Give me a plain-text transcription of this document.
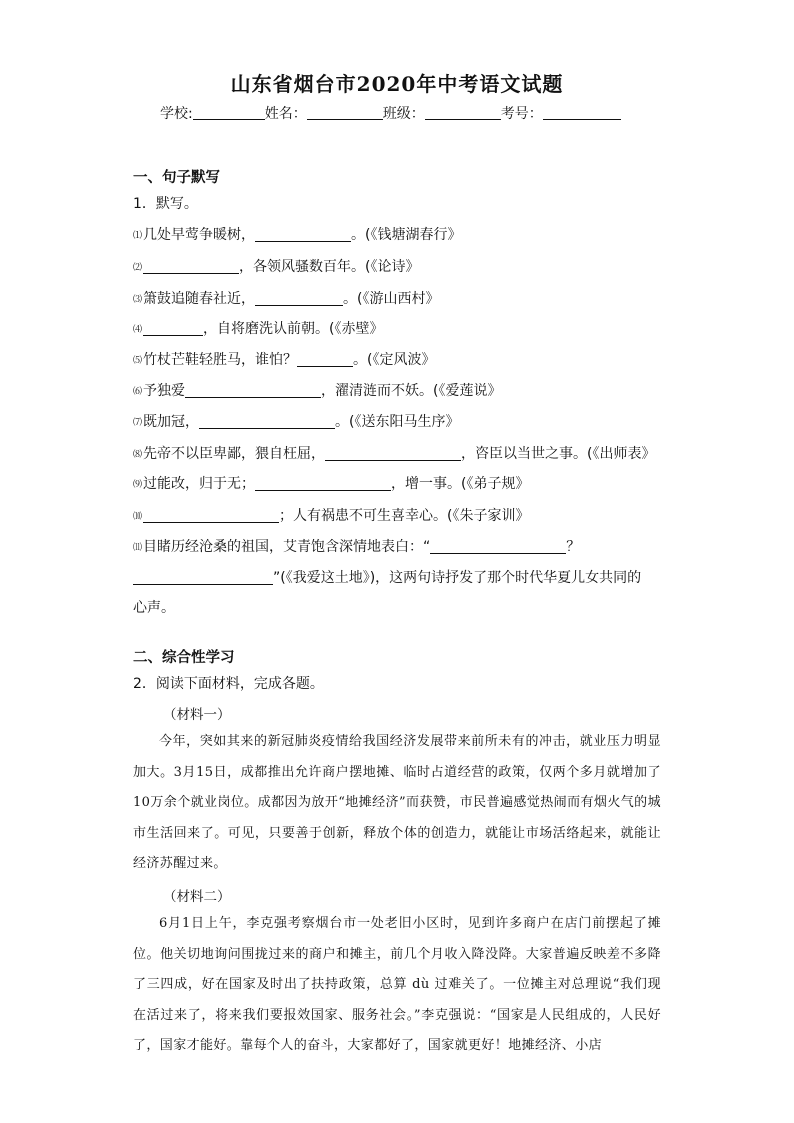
山东省烟台市2020年中考语文试题
学校:	姓名：	班级：	考号：
一、句子默写
1．默写。
⑴几处早莺争暖树，	。(《钱塘湖春行》
⑵	，各领风骚数百年。(《论诗》
⑶箫鼓追随春社近，	。(《游山西村》
⑷	，自将磨洗认前朝。(《赤壁》
⑸竹杖芒鞋轻胜马，谁怕？	。(《定风波》
⑹予独爱	，濯清涟而不妖。(《爱莲说》
⑺既加冠，	。(《送东阳马生序》
⑻先帝不以臣卑鄙，猥自枉屈，	，咨臣以当世之事。(《出师表》
⑼过能改，归于无；	，增一事。(《弟子规》
⑽	；人有祸患不可生喜幸心。(《朱子家训》
⑾目睹历经沧桑的祖国，艾青饱含深情地表白：“	？
”(《我爱这土地》)，这两句诗抒发了那个时代华夏儿女共同的
心声。
二、综合性学习
2．阅读下面材料，完成各题。
（材料一）
今年，突如其来的新冠肺炎疫情给我国经济发展带来前所未有的冲击，就业压力明显加大。3月15日，成都推出允许商户摆地摊、临时占道经营的政策，仅两个多月就增加了10万余个就业岗位。成都因为放开“地摊经济”而获赞，市民普遍感觉热闹而有烟火气的城市生活回来了。可见，只要善于创新，释放个体的创造力，就能让市场活络起来，就能让经济苏醒过来。
（材料二）
6月1日上午，李克强考察烟台市一处老旧小区时，见到许多商户在店门前摆起了摊位。他关切地询问围拢过来的商户和摊主，前几个月收入降没降。大家普遍反映差不多降了三四成，好在国家及时出了扶持政策，总算 dù 过难关了。一位摊主对总理说“我们现在活过来了，将来我们要报效国家、服务社会。”李克强说：“国家是人民组成的，人民好了，国家才能好。靠每个人的奋斗，大家都好了，国家就更好！地摊经济、小店
